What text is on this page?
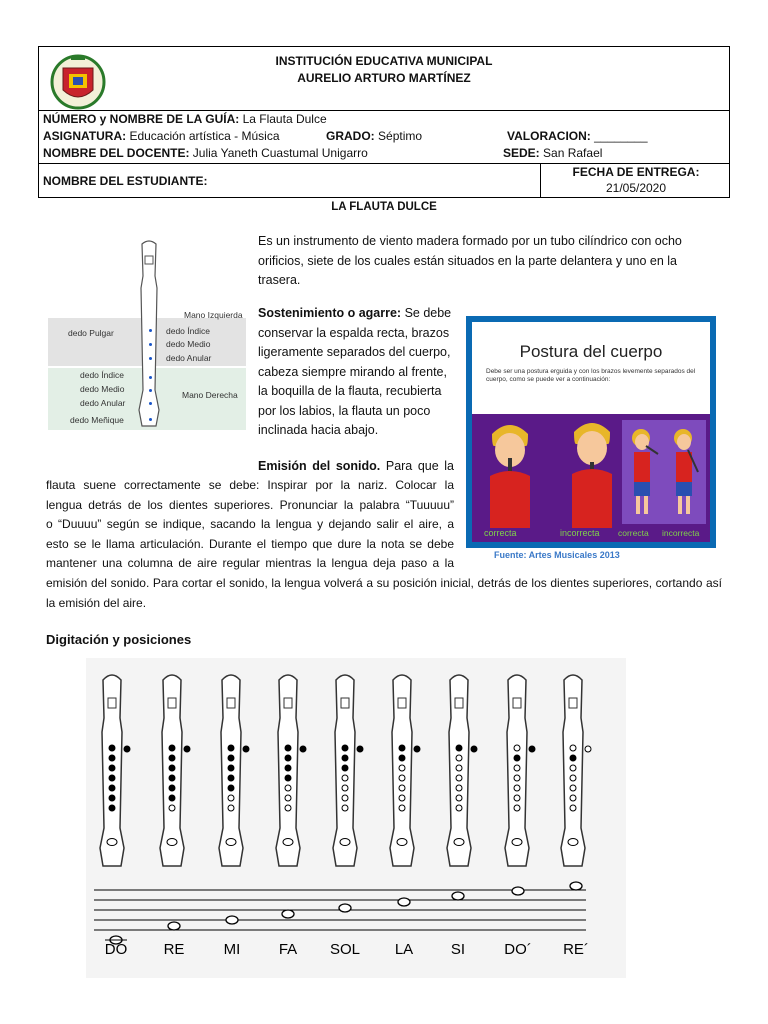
INSTITUCIÓN EDUCATIVA MUNICIPAL
AURELIO ARTURO MARTÍNEZ
NÚMERO y NOMBRE DE LA GUÍA: La Flauta Dulce
ASIGNATURA: Educación artística - Música	GRADO: Séptimo	VALORACION: ________
NOMBRE DEL DOCENTE: Julia Yaneth Cuastumal Unigarro	SEDE: San Rafael
NOMBRE DEL ESTUDIANTE:
FECHA DE ENTREGA:
21/05/2020
LA FLAUTA DULCE
Mano Izquierda
Mano Derecha
dedo Pulgar	dedo Índice
dedo Medio
dedo Anular
dedo Índice
dedo Medio
dedo Anular
dedo Meñique
Es un instrumento de viento madera formado por un tubo cilíndrico con ocho orificios, siete de los cuales están situados en la parte delantera y uno en la trasera.
Sostenimiento o agarre: Se debe
conservar la espalda recta, brazos
ligeramente separados del cuerpo,
cabeza siempre mirando al frente,
la boquilla de la flauta, recubierta
por los labios, la flauta un poco
inclinada hacia abajo.
Postura del cuerpo
Debe ser una postura erguida y con los brazos levemente separados del cuerpo, como se puede ver a continuación:
correcta	incorrecta correcta incorrecta
Fuente: Artes Musicales 2013
Emisión del sonido. Para que la
flauta suene correctamente se debe: Inspirar por la nariz. Colocar la
lengua detrás de los dientes superiores. Pronunciar la palabra “Tuuuuu”
o “Duuuu” según se indique, sacando la lengua y dejando salir el aire, a
esto se le llama articulación. Durante el tiempo que dure la nota se debe
mantener una columna de aire regular mientras la lengua deja paso a la
emisión del sonido. Para cortar el sonido, la lengua volverá a su posición inicial, detrás de los dientes superiores, cortando así la emisión del aire.
Digitación y posiciones
DO RE	MI	FA SOL LA	SI	DO´ RE´
